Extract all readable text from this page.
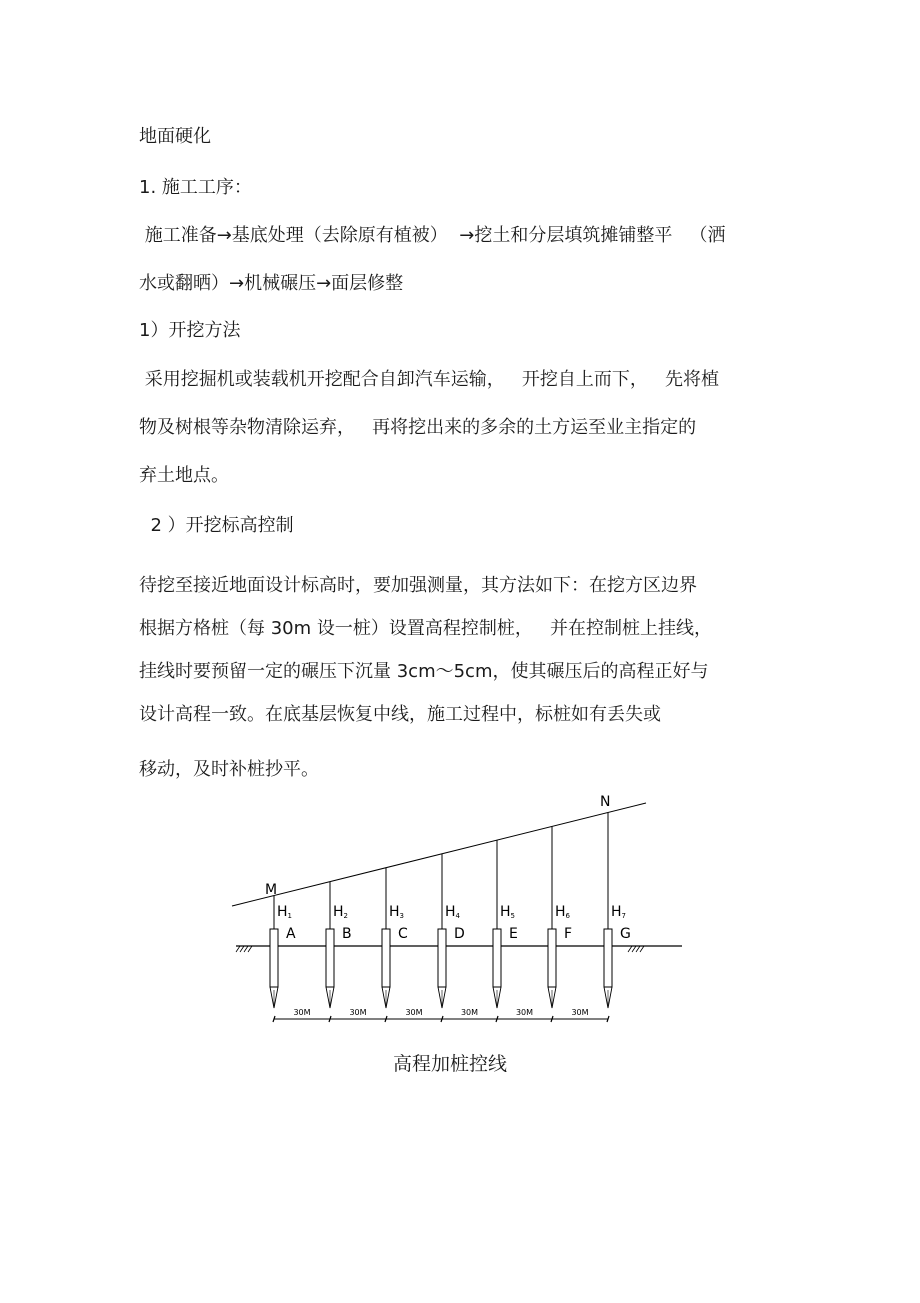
地面硬化
1. 施工工序：
施工准备→基底处理（去除原有植被）  →挖土和分层填筑摊铺整平   （洒
水或翻晒）→机械碾压→面层修整
1）开挖方法
采用挖掘机或装载机开挖配合自卸汽车运输，   开挖自上而下，   先将植
物及树根等杂物清除运弃，   再将挖出来的多余的土方运至业主指定的
弃土地点。
2 ）开挖标高控制
待挖至接近地面设计标高时，要加强测量，其方法如下：在挖方区边界
根据方格桩（每 30m 设一桩）设置高程控制桩，   并在控制桩上挂线，
挂线时要预留一定的碾压下沉量 3cm～5cm，使其碾压后的高程正好与
设计高程一致。在底基层恢复中线，施工过程中，标桩如有丢失或
移动，及时补桩抄平。
H1
A
H2
B
H3
C
H4
D
H5
E
H6
F
H7
G
30M	30M	30M	30M	30M	30M
M
N
高程加桩控线
